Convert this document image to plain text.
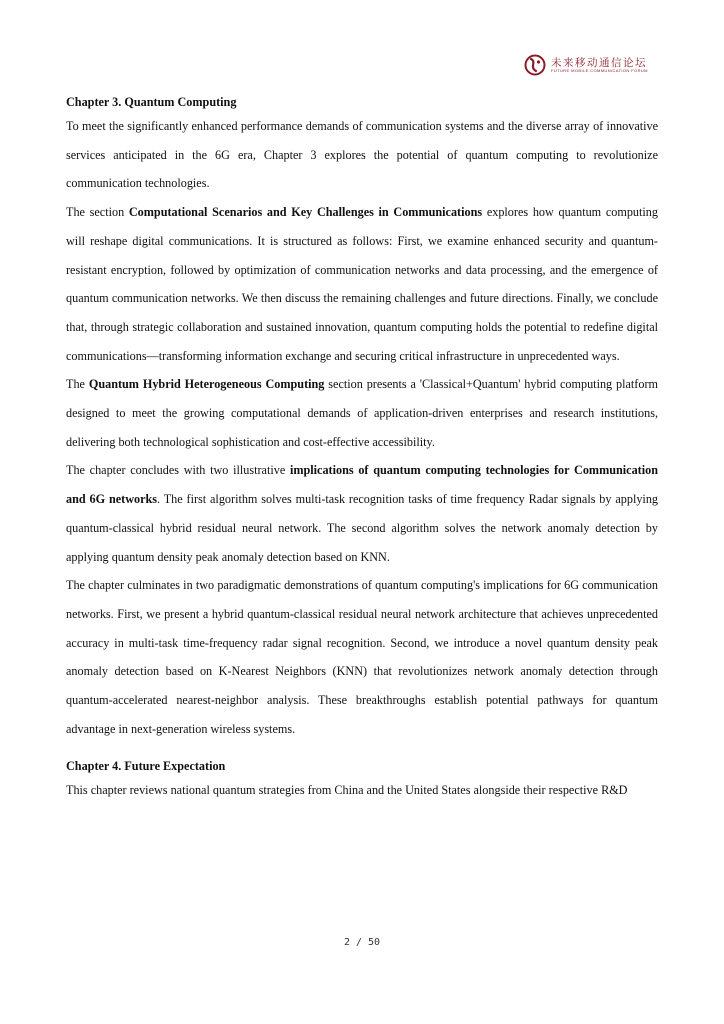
未来移动通信论坛
FUTURE MOBILE COMMUNICATION FORUM
Chapter 3. Quantum Computing

To meet the significantly enhanced performance demands of communication systems and the diverse array of innovative services anticipated in the 6G era, Chapter 3 explores the potential of quantum computing to revolutionize communication technologies.

The section Computational Scenarios and Key Challenges in Communications explores how quantum computing will reshape digital communications. It is structured as follows: First, we examine enhanced security and quantum-resistant encryption, followed by optimization of communication networks and data processing, and the emergence of quantum communication networks. We then discuss the remaining challenges and future directions. Finally, we conclude that, through strategic collaboration and sustained innovation, quantum computing holds the potential to redefine digital communications—transforming information exchange and securing critical infrastructure in unprecedented ways.

The Quantum Hybrid Heterogeneous Computing section presents a 'Classical+Quantum' hybrid computing platform designed to meet the growing computational demands of application-driven enterprises and research institutions, delivering both technological sophistication and cost-effective accessibility.

The chapter concludes with two illustrative implications of quantum computing technologies for Communication and 6G networks. The first algorithm solves multi-task recognition tasks of time frequency Radar signals by applying quantum-classical hybrid residual neural network. The second algorithm solves the network anomaly detection by applying quantum density peak anomaly detection based on KNN.

The chapter culminates in two paradigmatic demonstrations of quantum computing's implications for 6G communication networks. First, we present a hybrid quantum-classical residual neural network architecture that achieves unprecedented accuracy in multi-task time-frequency radar signal recognition. Second, we introduce a novel quantum density peak anomaly detection based on K-Nearest Neighbors (KNN) that revolutionizes network anomaly detection through quantum-accelerated nearest-neighbor analysis. These breakthroughs establish potential pathways for quantum advantage in next-generation wireless systems.

Chapter 4. Future Expectation

This chapter reviews national quantum strategies from China and the United States alongside their respective R&D

2 / 50
